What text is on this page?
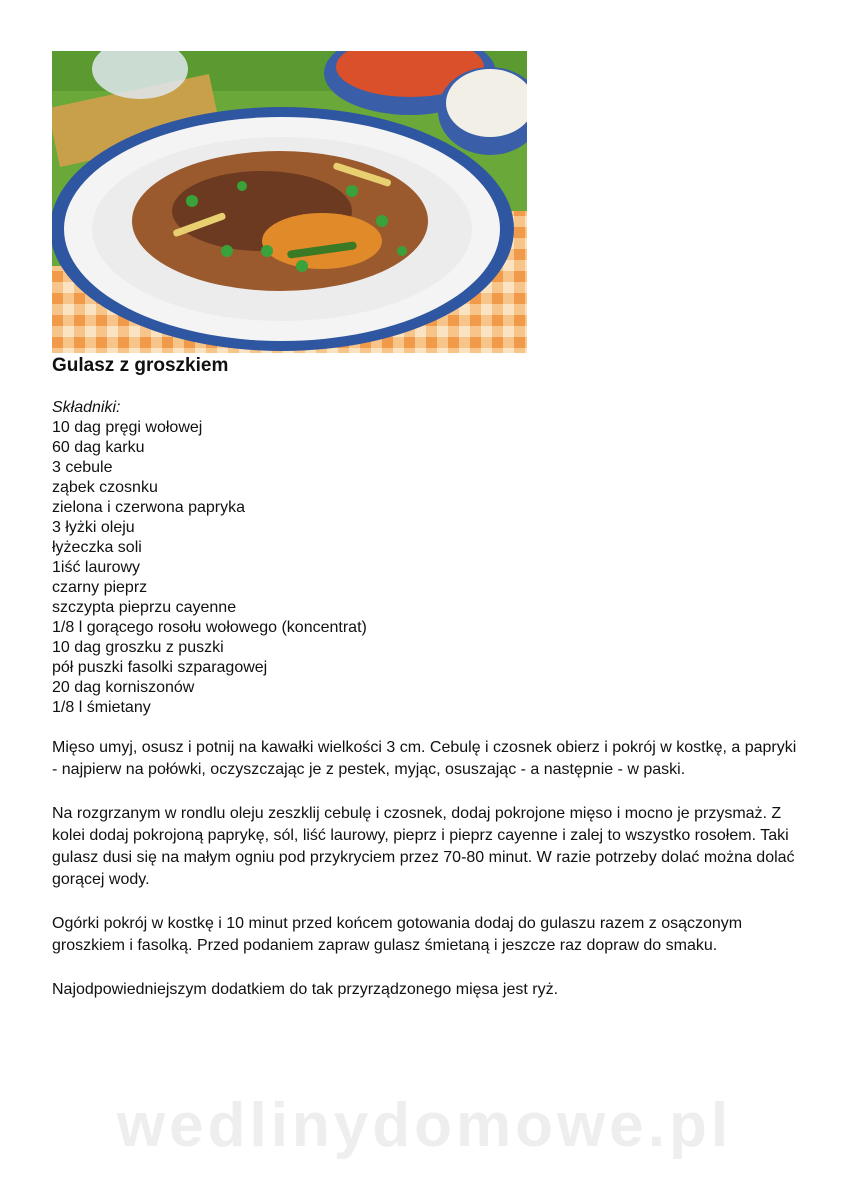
Gulasz z groszkiem
Składniki:
10 dag pręgi wołowej
60 dag karku
3 cebule
ząbek czosnku
zielona i czerwona papryka
3 łyżki oleju
łyżeczka soli
1iść laurowy
czarny pieprz
szczypta pieprzu cayenne
1/8 l gorącego rosołu wołowego (koncentrat)
10 dag groszku z puszki
pół puszki fasolki szparagowej
20 dag korniszonów
1/8 l śmietany

Mięso umyj, osusz i potnij na kawałki wielkości 3 cm. Cebulę i czosnek obierz i pokrój w kostkę, a papryki - najpierw na połówki, oczyszczając je z pestek, myjąc, osuszając - a następnie - w paski.

Na rozgrzanym w rondlu oleju zeszklij cebulę i czosnek, dodaj pokrojone mięso i mocno je przysmaż. Z kolei dodaj pokrojoną paprykę, sól, liść laurowy, pieprz i pieprz cayenne i zalej to wszystko rosołem. Taki gulasz dusi się na małym ogniu pod przykryciem przez 70-80 minut. W razie potrzeby dolać można dolać gorącej wody.

Ogórki pokrój w kostkę i 10 minut przed końcem gotowania dodaj do gulaszu razem z osączonym groszkiem i fasolką. Przed podaniem zapraw gulasz śmietaną i jeszcze raz dopraw do smaku.

Najodpowiedniejszym dodatkiem do tak przyrządzonego mięsa jest ryż.

wedlinydomowe.pl
